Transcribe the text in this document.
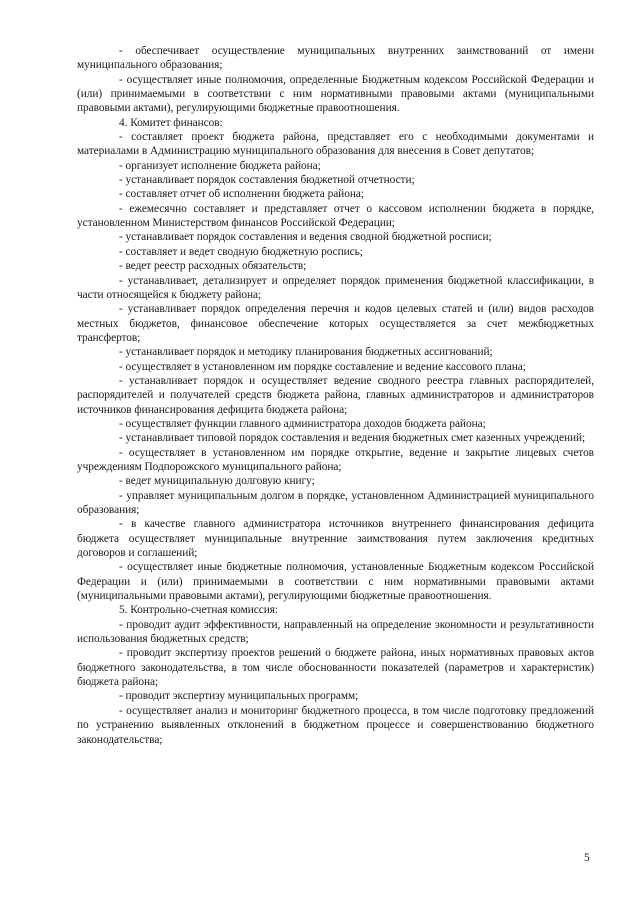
- обеспечивает осуществление муниципальных внутренних заимствований от имени муниципального образования;

- осуществляет иные полномочия, определенные Бюджетным кодексом Российской Федерации и (или) принимаемыми в соответствии с ним нормативными правовыми актами (муниципальными правовыми актами), регулирующими бюджетные правоотношения.

4. Комитет финансов:

- составляет проект бюджета района, представляет его с необходимыми документами и материалами в Администрацию муниципального образования для внесения в Совет депутатов;

- организует исполнение бюджета района;

- устанавливает порядок составления бюджетной отчетности;

- составляет отчет об исполнении бюджета района;

- ежемесячно составляет и представляет отчет о кассовом исполнении бюджета в порядке, установленном Министерством финансов Российской Федерации;

- устанавливает порядок составления и ведения сводной бюджетной росписи;

- составляет и ведет сводную бюджетную роспись;

- ведет реестр расходных обязательств;

- устанавливает, детализирует и определяет порядок применения бюджетной классификации, в части относящейся к бюджету района;

- устанавливает порядок определения перечня и кодов целевых статей и (или) видов расходов местных бюджетов, финансовое обеспечение которых осуществляется за счет межбюджетных трансфертов;

- устанавливает порядок и методику планирования бюджетных ассигнований;

- осуществляет в установленном им порядке составление и ведение кассового плана;

- устанавливает порядок и осуществляет ведение сводного реестра главных распорядителей, распорядителей и получателей средств бюджета района, главных администраторов и администраторов источников финансирования дефицита бюджета района;

- осуществляет функции главного администратора доходов бюджета района;

- устанавливает типовой порядок составления и ведения бюджетных смет казенных учреждений;

- осуществляет в установленном им порядке открытие, ведение и закрытие лицевых счетов учреждениям Подпорожского муниципального района;

- ведет муниципальную долговую книгу;

- управляет муниципальным долгом в порядке, установленном Администрацией муниципального образования;

- в качестве главного администратора источников внутреннего финансирования дефицита бюджета осуществляет муниципальные внутренние заимствования путем заключения кредитных договоров и соглашений;

- осуществляет иные бюджетные полномочия, установленные Бюджетным кодексом Российской Федерации и (или) принимаемыми в соответствии с ним нормативными правовыми актами (муниципальными правовыми актами), регулирующими бюджетные правоотношения.

5. Контрольно-счетная комиссия:

- проводит аудит эффективности, направленный на определение экономности и результативности использования бюджетных средств;

- проводит экспертизу проектов решений о бюджете района, иных нормативных правовых актов бюджетного законодательства, в том числе обоснованности показателей (параметров и характеристик) бюджета района;

- проводит экспертизу муниципальных программ;

- осуществляет анализ и мониторинг бюджетного процесса, в том числе подготовку предложений по устранению выявленных отклонений в бюджетном процессе и совершенствованию бюджетного законодательства;

5
